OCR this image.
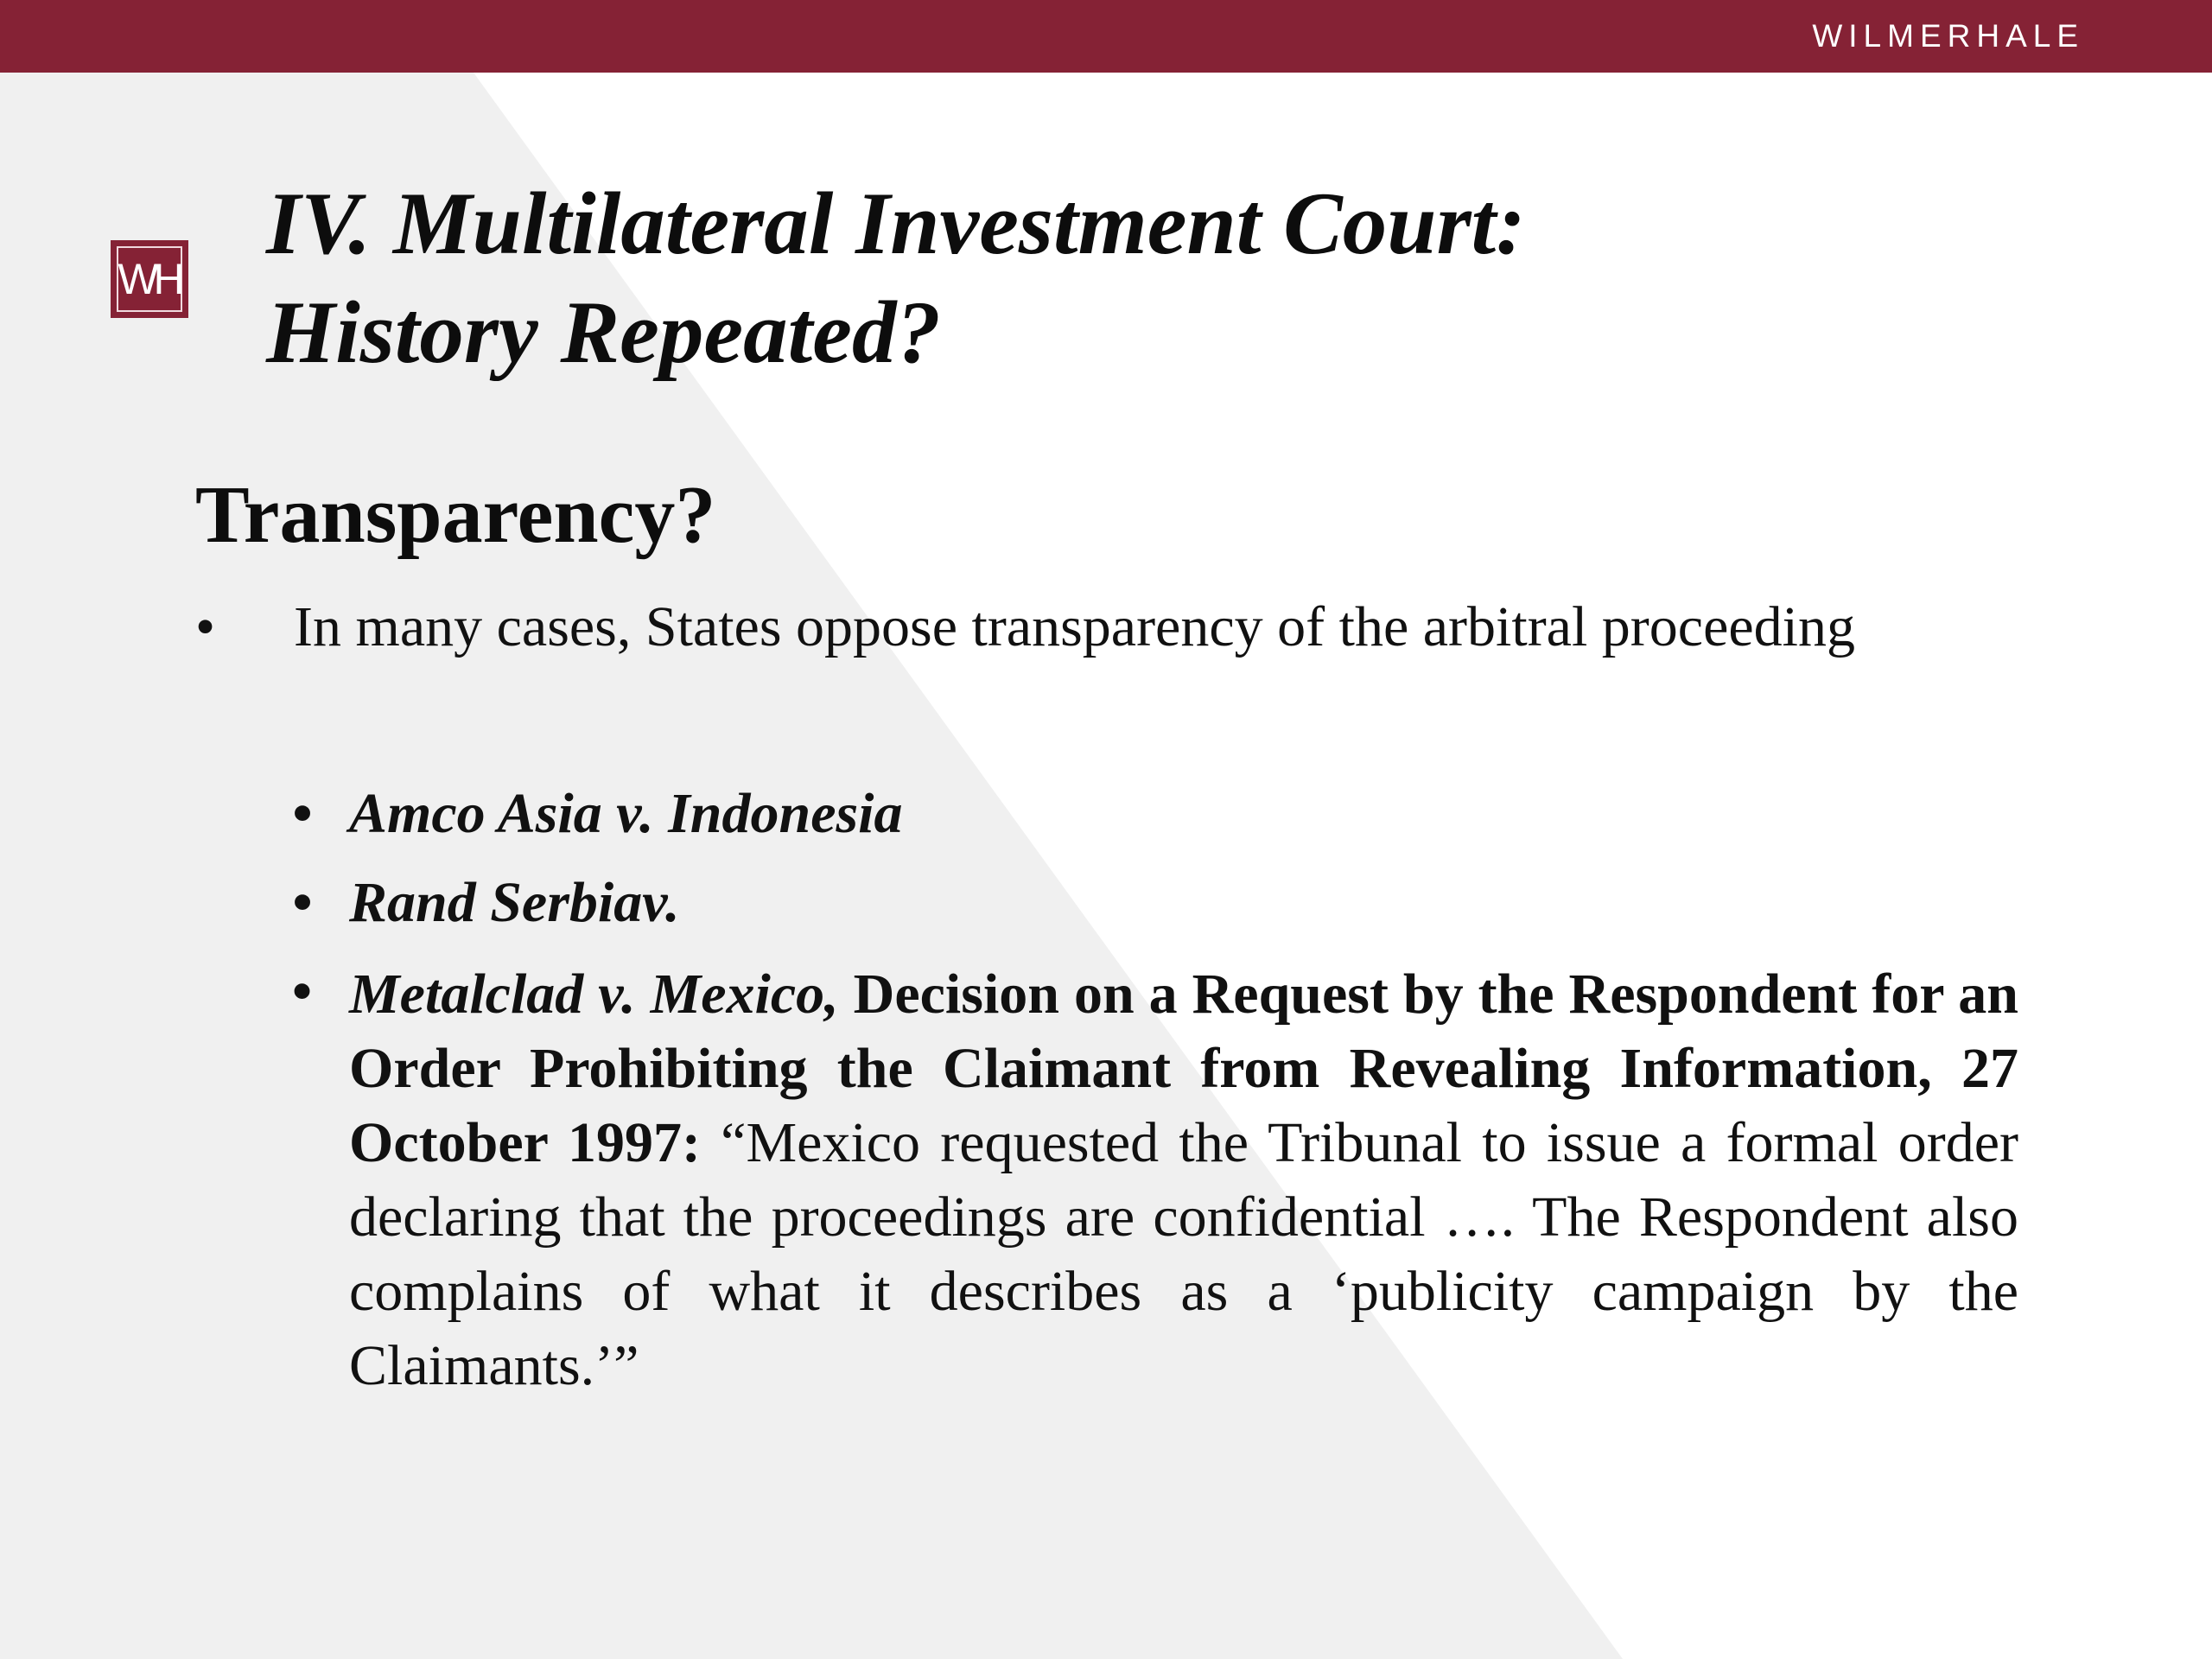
WILMERHALE
WH
IV. Multilateral Investment Court:
History Repeated?
Transparency?
• In many cases, States oppose transparency of the arbitral proceeding
• Amco Asia v. Indonesia
• Rand Serbiav.
• Metalclad v. Mexico, Decision on a Request by the Respondent for an Order Prohibiting the Claimant from Revealing Information, 27 October 1997: “Mexico requested the Tribunal to issue a formal order declaring that the proceedings are confidential …. The Respondent also complains of what it describes as a ‘publicity campaign by the Claimants.’”
